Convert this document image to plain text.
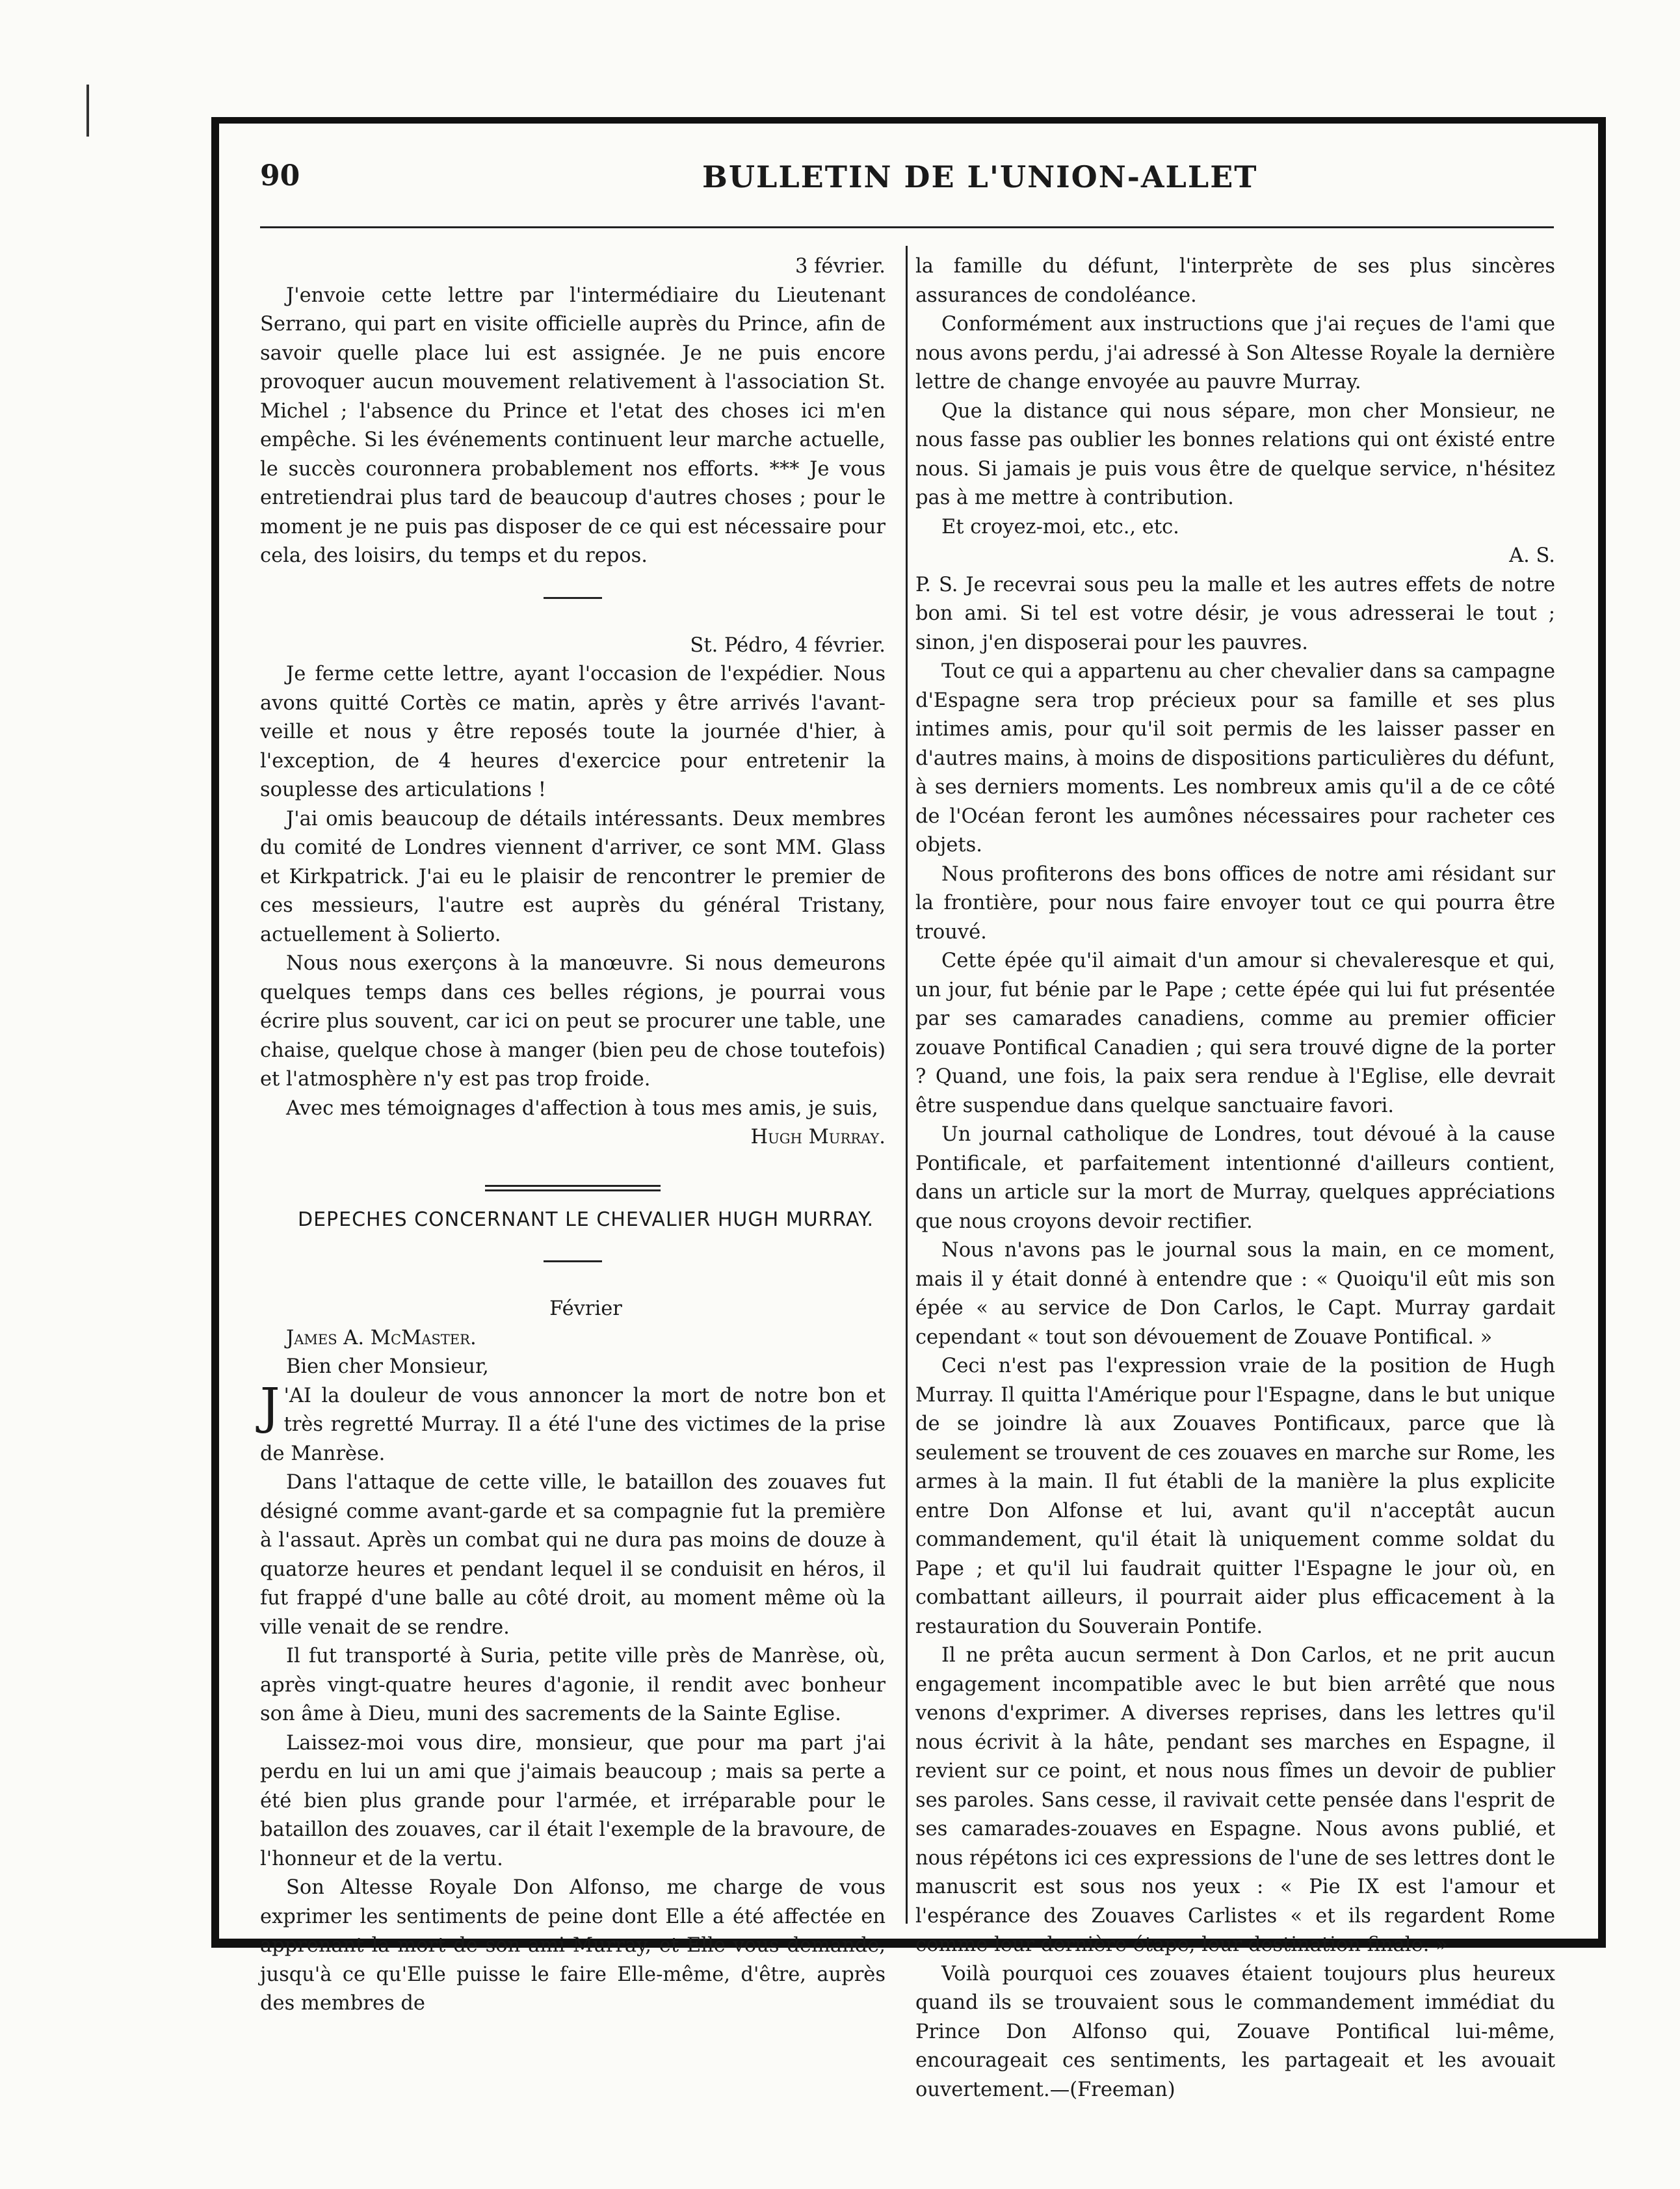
90	BULLETIN DE L'UNION-ALLET

3 février.

J'envoie cette lettre par l'intermédiaire du Lieutenant Serrano, qui part en visite officielle auprès du Prince, afin de savoir quelle place lui est assignée. Je ne puis encore provoquer aucun mouvement relativement à l'association St. Michel ; l'absence du Prince et l'etat des choses ici m'en empêche. Si les événements continuent leur marche actuelle, le succès couronnera probablement nos efforts. *** Je vous entretiendrai plus tard de beaucoup d'autres choses ; pour le moment je ne puis pas disposer de ce qui est nécessaire pour cela, des loisirs, du temps et du repos.

St. Pédro, 4 février.

Je ferme cette lettre, ayant l'occasion de l'expédier. Nous avons quitté Cortès ce matin, après y être arrivés l'avant-veille et nous y être reposés toute la journée d'hier, à l'exception, de 4 heures d'exercice pour entretenir la souplesse des articulations !

J'ai omis beaucoup de détails intéressants. Deux membres du comité de Londres viennent d'arriver, ce sont MM. Glass et Kirkpatrick. J'ai eu le plaisir de rencontrer le premier de ces messieurs, l'autre est auprès du général Tristany, actuellement à Solierto.

Nous nous exerçons à la manœuvre. Si nous demeurons quelques temps dans ces belles régions, je pourrai vous écrire plus souvent, car ici on peut se procurer une table, une chaise, quelque chose à manger (bien peu de chose toutefois) et l'atmosphère n'y est pas trop froide.

Avec mes témoignages d'affection à tous mes amis, je suis,

Hugh Murray.

DEPECHES CONCERNANT LE CHEVALIER HUGH MURRAY.

Février

James A. McMaster.

Bien cher Monsieur,

J 'AI la douleur de vous annoncer la mort de notre bon et très regretté Murray. Il a été l'une des victimes de la prise de Manrèse.

Dans l'attaque de cette ville, le bataillon des zouaves fut désigné comme avant-garde et sa compagnie fut la première à l'assaut. Après un combat qui ne dura pas moins de douze à quatorze heures et pendant lequel il se conduisit en héros, il fut frappé d'une balle au côté droit, au moment même où la ville venait de se rendre.

Il fut transporté à Suria, petite ville près de Manrèse, où, après vingt-quatre heures d'agonie, il rendit avec bonheur son âme à Dieu, muni des sacrements de la Sainte Eglise.

Laissez-moi vous dire, monsieur, que pour ma part j'ai perdu en lui un ami que j'aimais beaucoup ; mais sa perte a été bien plus grande pour l'armée, et irréparable pour le bataillon des zouaves, car il était l'exemple de la bravoure, de l'honneur et de la vertu.

Son Altesse Royale Don Alfonso, me charge de vous exprimer les sentiments de peine dont Elle a été affectée en apprenant la mort de son ami Murray, et Elle vous demande, jusqu'à ce qu'Elle puisse le faire Elle-même, d'être, auprès des membres de

la famille du défunt, l'interprète de ses plus sincères assurances de condoléance.

Conformément aux instructions que j'ai reçues de l'ami que nous avons perdu, j'ai adressé à Son Altesse Royale la dernière lettre de change envoyée au pauvre Murray.

Que la distance qui nous sépare, mon cher Monsieur, ne nous fasse pas oublier les bonnes relations qui ont éxisté entre nous. Si jamais je puis vous être de quelque service, n'hésitez pas à me mettre à contribution.

Et croyez-moi, etc., etc.

A. S.

P. S. Je recevrai sous peu la malle et les autres effets de notre bon ami. Si tel est votre désir, je vous adresserai le tout ; sinon, j'en disposerai pour les pauvres.

Tout ce qui a appartenu au cher chevalier dans sa campagne d'Espagne sera trop précieux pour sa famille et ses plus intimes amis, pour qu'il soit permis de les laisser passer en d'autres mains, à moins de dispositions particulières du défunt, à ses derniers moments. Les nombreux amis qu'il a de ce côté de l'Océan feront les aumônes nécessaires pour racheter ces objets.

Nous profiterons des bons offices de notre ami résidant sur la frontière, pour nous faire envoyer tout ce qui pourra être trouvé.

Cette épée qu'il aimait d'un amour si chevaleresque et qui, un jour, fut bénie par le Pape ; cette épée qui lui fut présentée par ses camarades canadiens, comme au premier officier zouave Pontifical Canadien ; qui sera trouvé digne de la porter ? Quand, une fois, la paix sera rendue à l'Eglise, elle devrait être suspendue dans quelque sanctuaire favori.

Un journal catholique de Londres, tout dévoué à la cause Pontificale, et parfaitement intentionné d'ailleurs contient, dans un article sur la mort de Murray, quelques appréciations que nous croyons devoir rectifier.

Nous n'avons pas le journal sous la main, en ce moment, mais il y était donné à entendre que : « Quoiqu'il eût mis son épée « au service de Don Carlos, le Capt. Murray gardait cependant « tout son dévouement de Zouave Pontifical. »

Ceci n'est pas l'expression vraie de la position de Hugh Murray. Il quitta l'Amérique pour l'Espagne, dans le but unique de se joindre là aux Zouaves Pontificaux, parce que là seulement se trouvent de ces zouaves en marche sur Rome, les armes à la main. Il fut établi de la manière la plus explicite entre Don Alfonse et lui, avant qu'il n'acceptât aucun commandement, qu'il était là uniquement comme soldat du Pape ; et qu'il lui faudrait quitter l'Espagne le jour où, en combattant ailleurs, il pourrait aider plus efficacement à la restauration du Souverain Pontife.

Il ne prêta aucun serment à Don Carlos, et ne prit aucun engagement incompatible avec le but bien arrêté que nous venons d'exprimer. A diverses reprises, dans les lettres qu'il nous écrivit à la hâte, pendant ses marches en Espagne, il revient sur ce point, et nous nous fîmes un devoir de publier ses paroles. Sans cesse, il ravivait cette pensée dans l'esprit de ses camarades-zouaves en Espagne. Nous avons publié, et nous répétons ici ces expressions de l'une de ses lettres dont le manuscrit est sous nos yeux : « Pie IX est l'amour et l'espérance des Zouaves Carlistes « et ils regardent Rome comme leur dernière étape, leur destination finale. »

Voilà pourquoi ces zouaves étaient toujours plus heureux quand ils se trouvaient sous le commandement immédiat du Prince Don Alfonso qui, Zouave Pontifical lui-même, encourageait ces sentiments, les partageait et les avouait ouvertement.—(Freeman)
